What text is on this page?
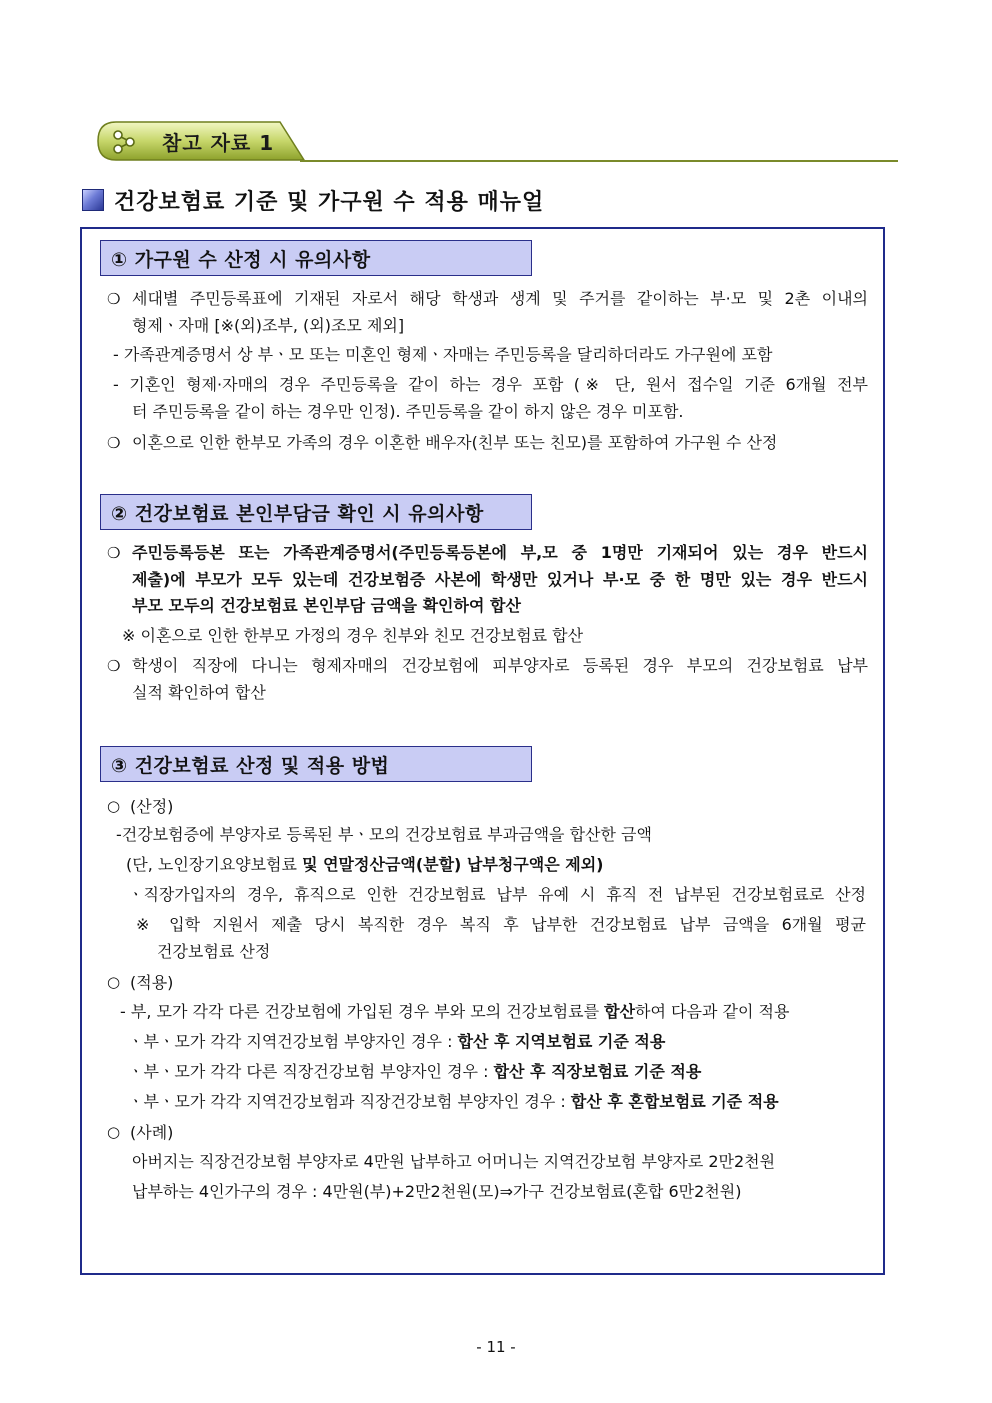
참고 자료 1
건강보험료 기준 및 가구원 수 적용 매뉴얼
① 가구원 수 산정 시 유의사항
❍ 세대별 주민등록표에 기재된 자로서 해당 학생과 생계 및 주거를 같이하는 부·모 및 2촌 이내의
형제ㆍ자매 [※(외)조부, (외)조모 제외]
- 가족관계증명서 상 부ㆍ모 또는 미혼인 형제ㆍ자매는 주민등록을 달리하더라도 가구원에 포함
- 기혼인 형제·자매의 경우 주민등록을 같이 하는 경우 포함 (※ 단, 원서 접수일 기준 6개월 전부
터 주민등록을 같이 하는 경우만 인정). 주민등록을 같이 하지 않은 경우 미포함.
❍ 이혼으로 인한 한부모 가족의 경우 이혼한 배우자(친부 또는 친모)를 포함하여 가구원 수 산정
② 건강보험료 본인부담금 확인 시 유의사항
❍ 주민등록등본 또는 가족관계증명서(주민등록등본에 부,모 중 1명만 기재되어 있는 경우 반드시
제출)에 부모가 모두 있는데 건강보험증 사본에 학생만 있거나 부·모 중 한 명만 있는 경우 반드시
부모 모두의 건강보험료 본인부담 금액을 확인하여 합산
※ 이혼으로 인한 한부모 가정의 경우 친부와 친모 건강보험료 합산
❍ 학생이 직장에 다니는 형제자매의 건강보험에 피부양자로 등록된 경우 부모의 건강보험료 납부
실적 확인하여 합산
③ 건강보험료 산정 및 적용 방법
○ (산정)
-건강보험증에 부양자로 등록된 부ㆍ모의 건강보험료 부과금액을 합산한 금액
(단, 노인장기요양보험료 및 연말정산금액(분할) 납부청구액은 제외)
ㆍ직장가입자의 경우, 휴직으로 인한 건강보험료 납부 유예 시 휴직 전 납부된 건강보험료로 산정
※ 입학 지원서 제출 당시 복직한 경우 복직 후 납부한 건강보험료 납부 금액을 6개월 평균
건강보험료 산정
○ (적용)
- 부, 모가 각각 다른 건강보험에 가입된 경우 부와 모의 건강보험료를 합산하여 다음과 같이 적용
ㆍ부ㆍ모가 각각 지역건강보험 부양자인 경우 : 합산 후 지역보험료 기준 적용
ㆍ부ㆍ모가 각각 다른 직장건강보험 부양자인 경우 : 합산 후 직장보험료 기준 적용
ㆍ부ㆍ모가 각각 지역건강보험과 직장건강보험 부양자인 경우 : 합산 후 혼합보험료 기준 적용
○ (사례)
아버지는 직장건강보험 부양자로 4만원 납부하고 어머니는 지역건강보험 부양자로 2만2천원
납부하는 4인가구의 경우 : 4만원(부)+2만2천원(모)⇒가구 건강보험료(혼합 6만2천원)
- 11 -
